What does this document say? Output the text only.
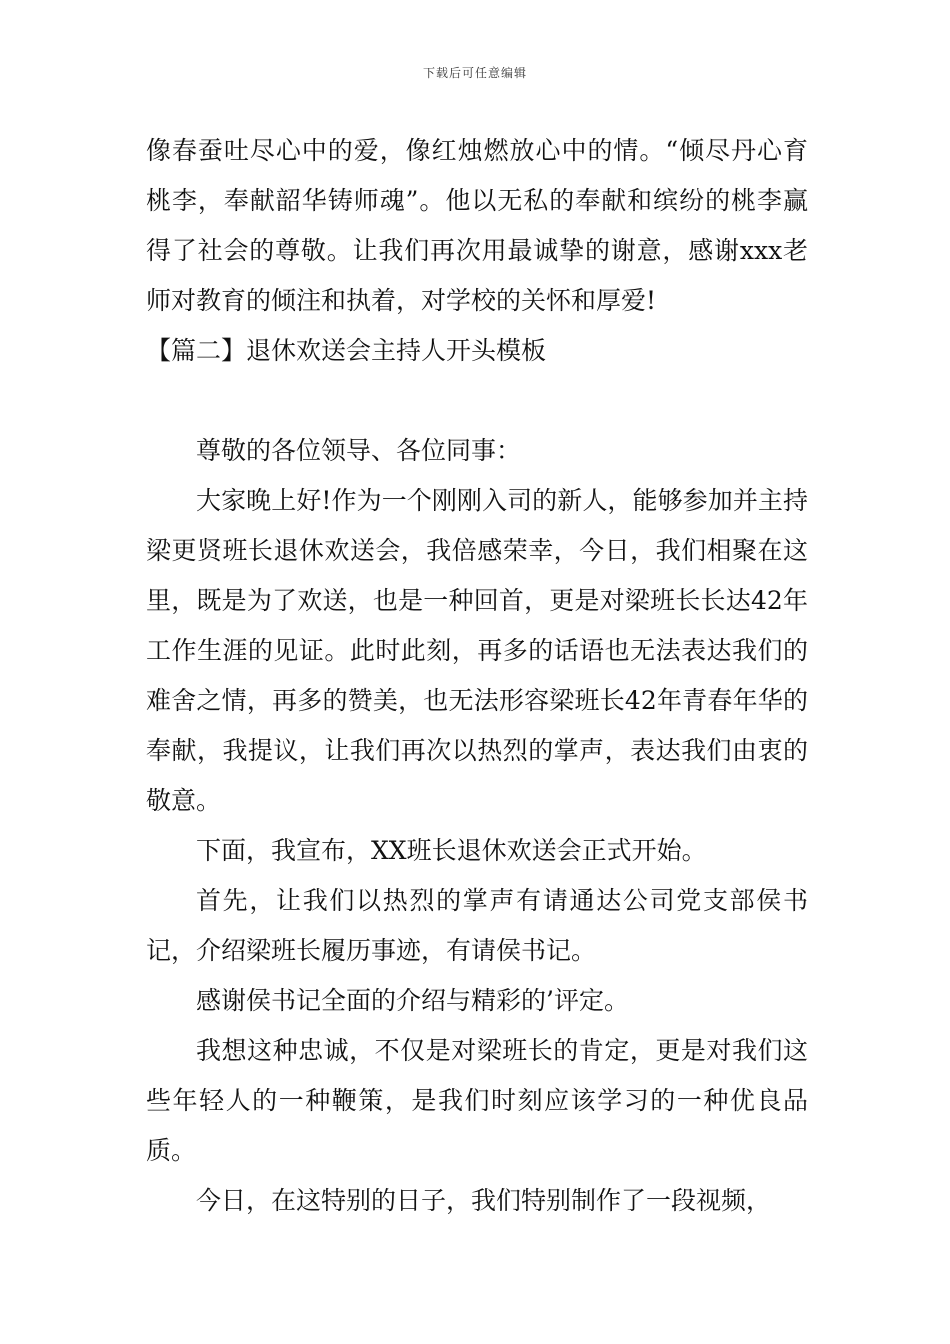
下载后可任意编辑

像春蚕吐尽心中的爱，像红烛燃放心中的情。“倾尽丹心育桃李，奉献韶华铸师魂”。他以无私的奉献和缤纷的桃李赢得了社会的尊敬。让我们再次用最诚挚的谢意，感谢xxx老师对教育的倾注和执着，对学校的关怀和厚爱!

【篇二】退休欢送会主持人开头模板

尊敬的各位领导、各位同事：

大家晚上好!作为一个刚刚入司的新人，能够参加并主持梁更贤班长退休欢送会，我倍感荣幸，今日，我们相聚在这里，既是为了欢送，也是一种回首，更是对梁班长长达42年工作生涯的见证。此时此刻，再多的话语也无法表达我们的难舍之情，再多的赞美，也无法形容梁班长42年青春年华的奉献，我提议，让我们再次以热烈的掌声，表达我们由衷的敬意。

下面，我宣布，XX班长退休欢送会正式开始。

首先，让我们以热烈的掌声有请通达公司党支部侯书记，介绍梁班长履历事迹，有请侯书记。

感谢侯书记全面的介绍与精彩的’评定。

我想这种忠诚，不仅是对梁班长的肯定，更是对我们这些年轻人的一种鞭策，是我们时刻应该学习的一种优良品质。

今日，在这特别的日子，我们特别制作了一段视频，
